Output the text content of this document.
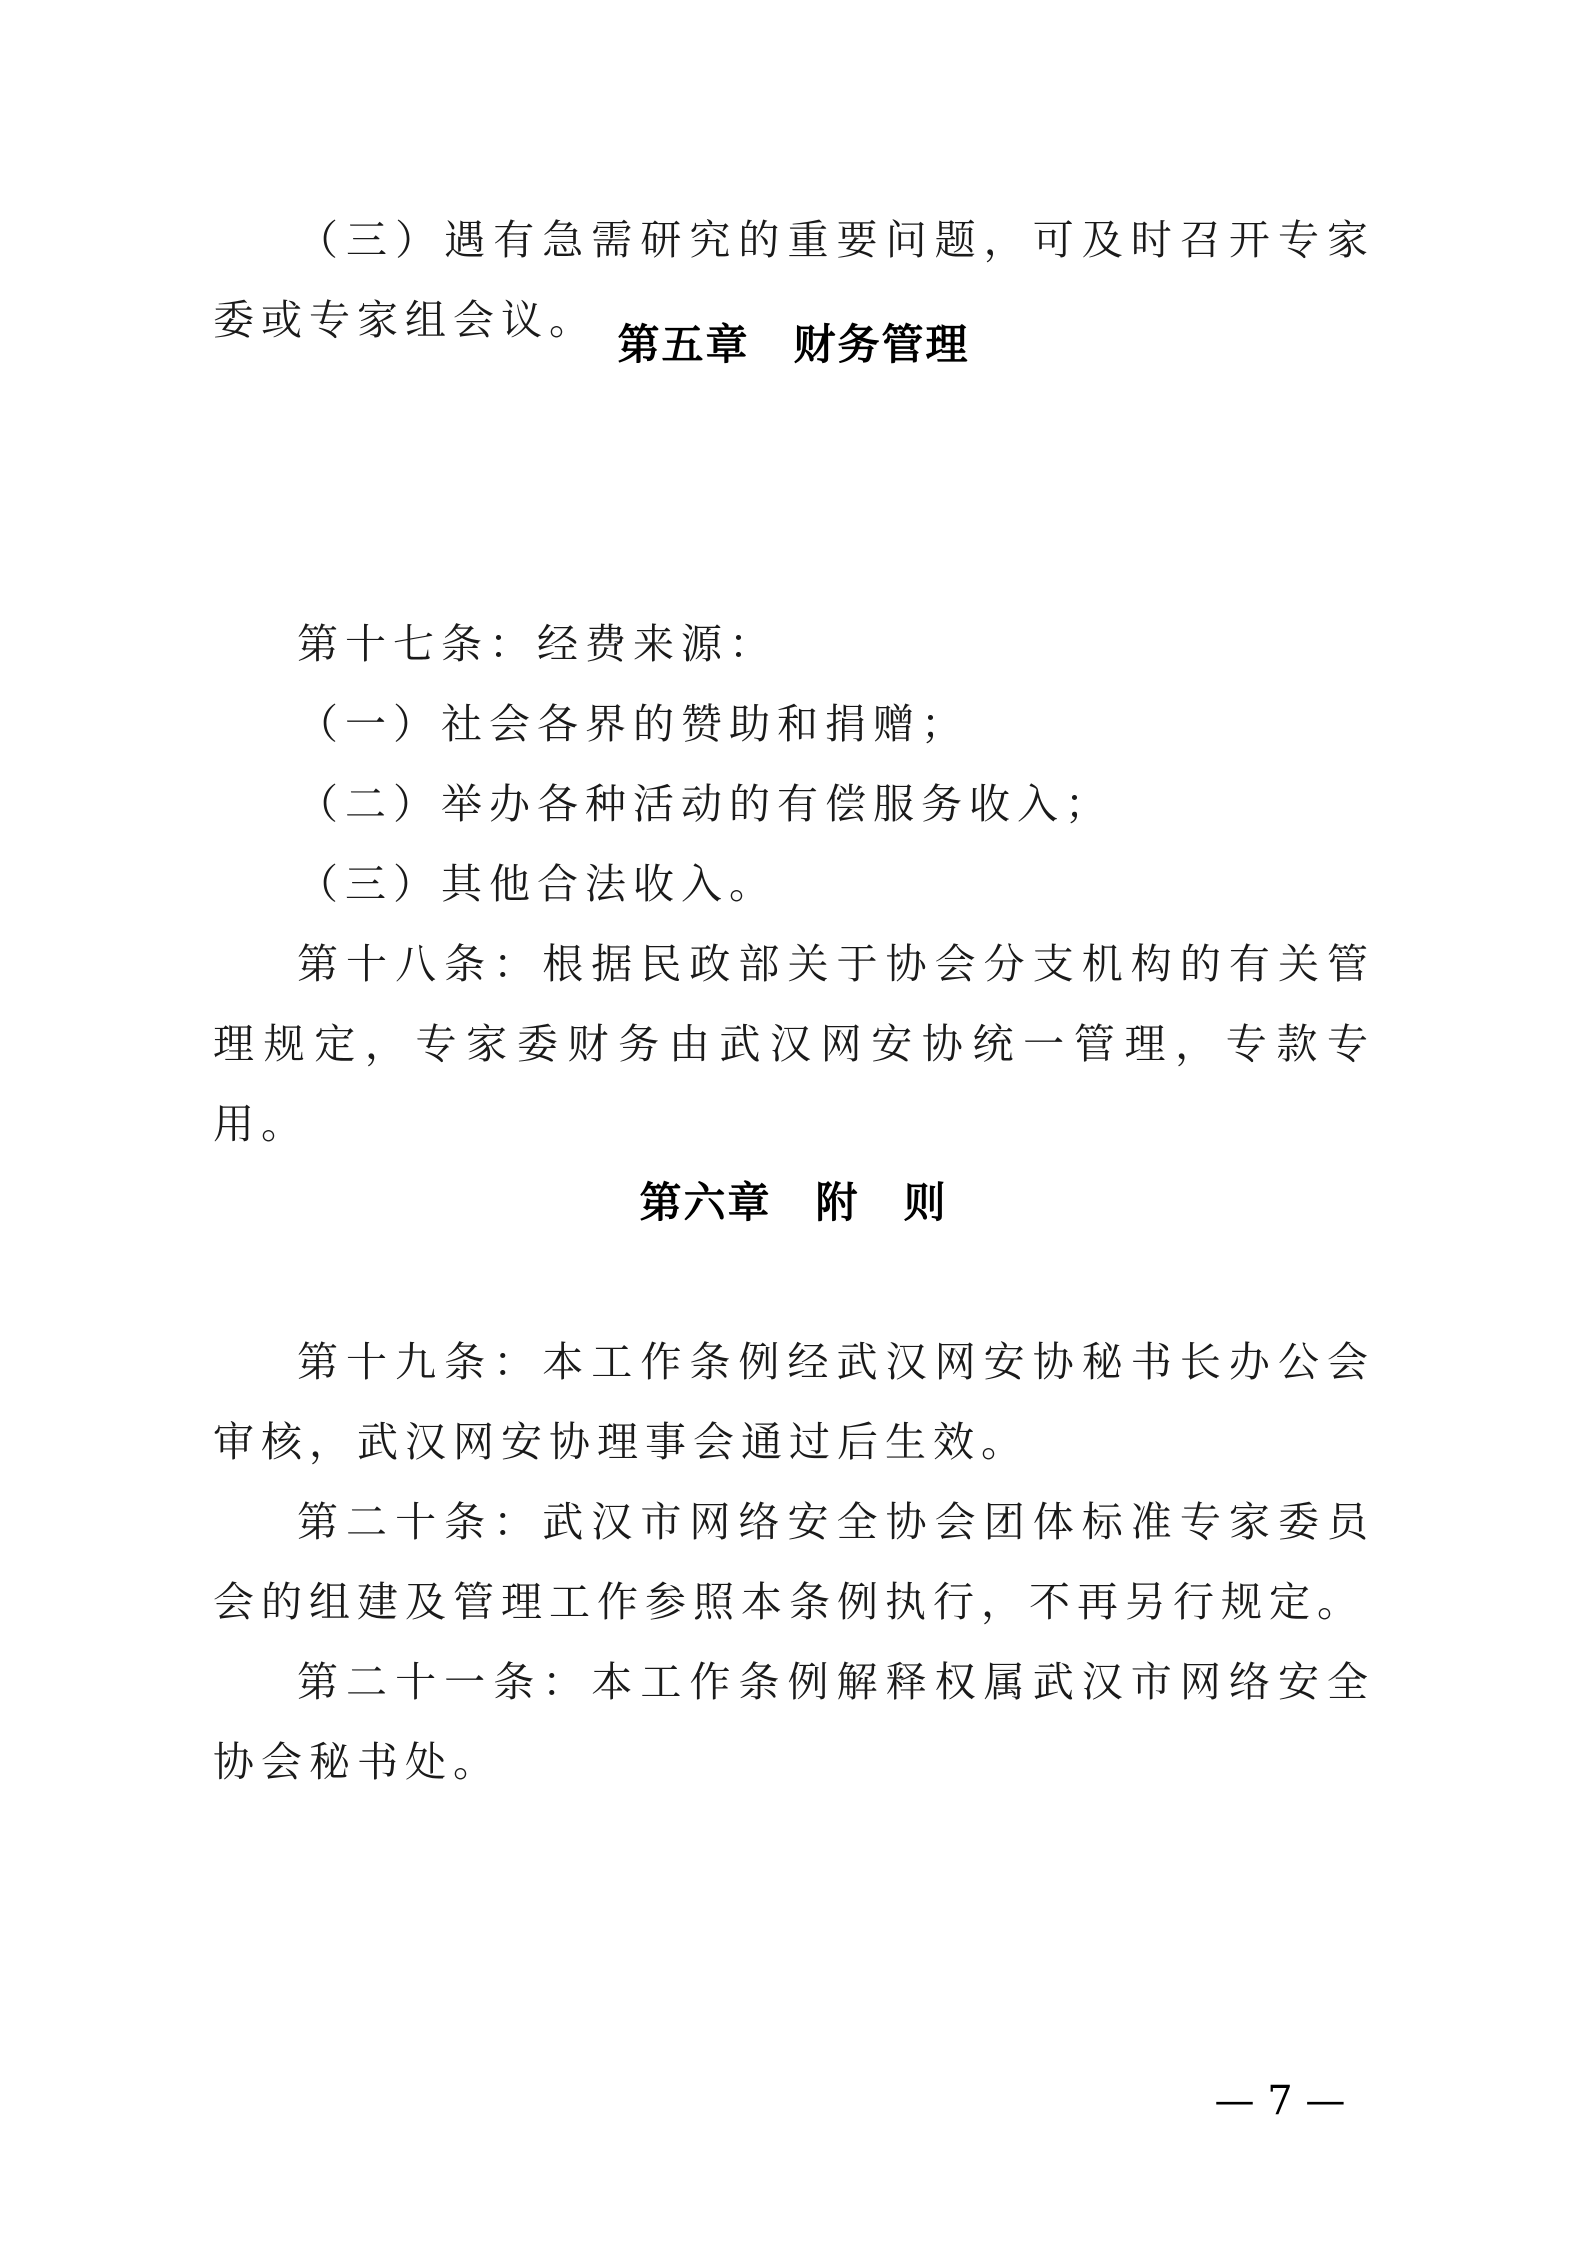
（三）遇有急需研究的重要问题，可及时召开专家委或专家组会议。 第五章　财务管理

第十七条：经费来源：

（一）社会各界的赞助和捐赠；

（二）举办各种活动的有偿服务收入；

（三）其他合法收入。

第十八条：根据民政部关于协会分支机构的有关管理规定，专家委财务由武汉网安协统一管理，专款专用。

第六章　附　则

第十九条：本工作条例经武汉网安协秘书长办公会审核，武汉网安协理事会通过后生效。

第二十条：武汉市网络安全协会团体标准专家委员会的组建及管理工作参照本条例执行，不再另行规定。

第二十一条：本工作条例解释权属武汉市网络安全协会秘书处。

— 7 —
